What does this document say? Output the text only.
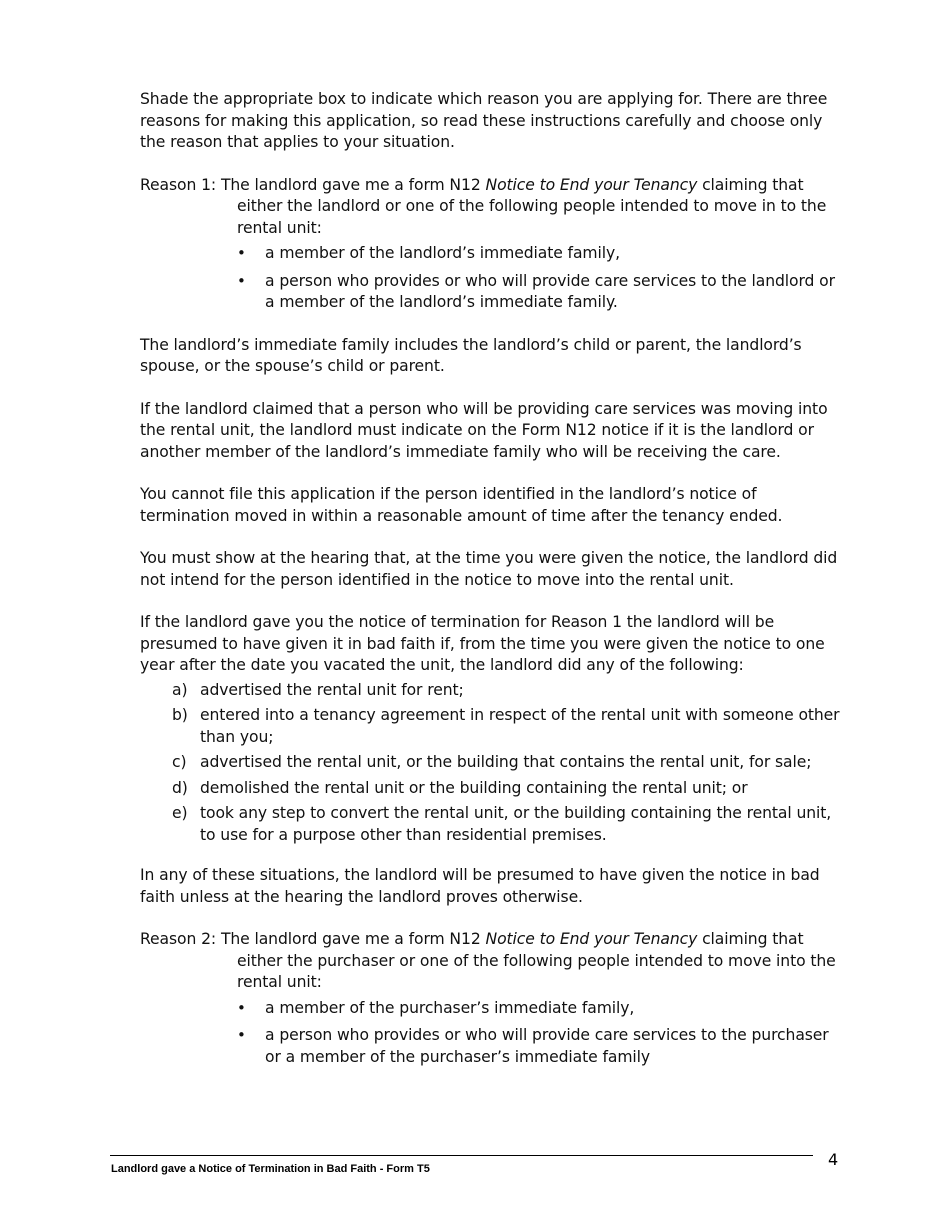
Shade the appropriate box to indicate which reason you are applying for. There are three reasons for making this application, so read these instructions carefully and choose only the reason that applies to your situation.

Reason 1: The landlord gave me a form N12 Notice to End your Tenancy claiming that either the landlord or one of the following people intended to move in to the rental unit:
•	a member of the landlord’s immediate family,
•	a person who provides or who will provide care services to the landlord or a member of the landlord’s immediate family.

The landlord’s immediate family includes the landlord’s child or parent, the landlord’s spouse, or the spouse’s child or parent.

If the landlord claimed that a person who will be providing care services was moving into the rental unit, the landlord must indicate on the Form N12 notice if it is the landlord or another member of the landlord’s immediate family who will be receiving the care.

You cannot file this application if the person identified in the landlord’s notice of termination moved in within a reasonable amount of time after the tenancy ended.

You must show at the hearing that, at the time you were given the notice, the landlord did not intend for the person identified in the notice to move into the rental unit.

If the landlord gave you the notice of termination for Reason 1 the landlord will be presumed to have given it in bad faith if, from the time you were given the notice to one year after the date you vacated the unit, the landlord did any of the following:

a) advertised the rental unit for rent;
b) entered into a tenancy agreement in respect of the rental unit with someone other than you;
c) advertised the rental unit, or the building that contains the rental unit, for sale;
d) demolished the rental unit or the building containing the rental unit; or
e) took any step to convert the rental unit, or the building containing the rental unit, to use for a purpose other than residential premises.

In any of these situations, the landlord will be presumed to have given the notice in bad faith unless at the hearing the landlord proves otherwise.

Reason 2: The landlord gave me a form N12 Notice to End your Tenancy claiming that either the purchaser or one of the following people intended to move into the rental unit:
•	a member of the purchaser’s immediate family,
•	a person who provides or who will provide care services to the purchaser or a member of the purchaser’s immediate family
Landlord gave a Notice of Termination in Bad Faith - Form T5	4
